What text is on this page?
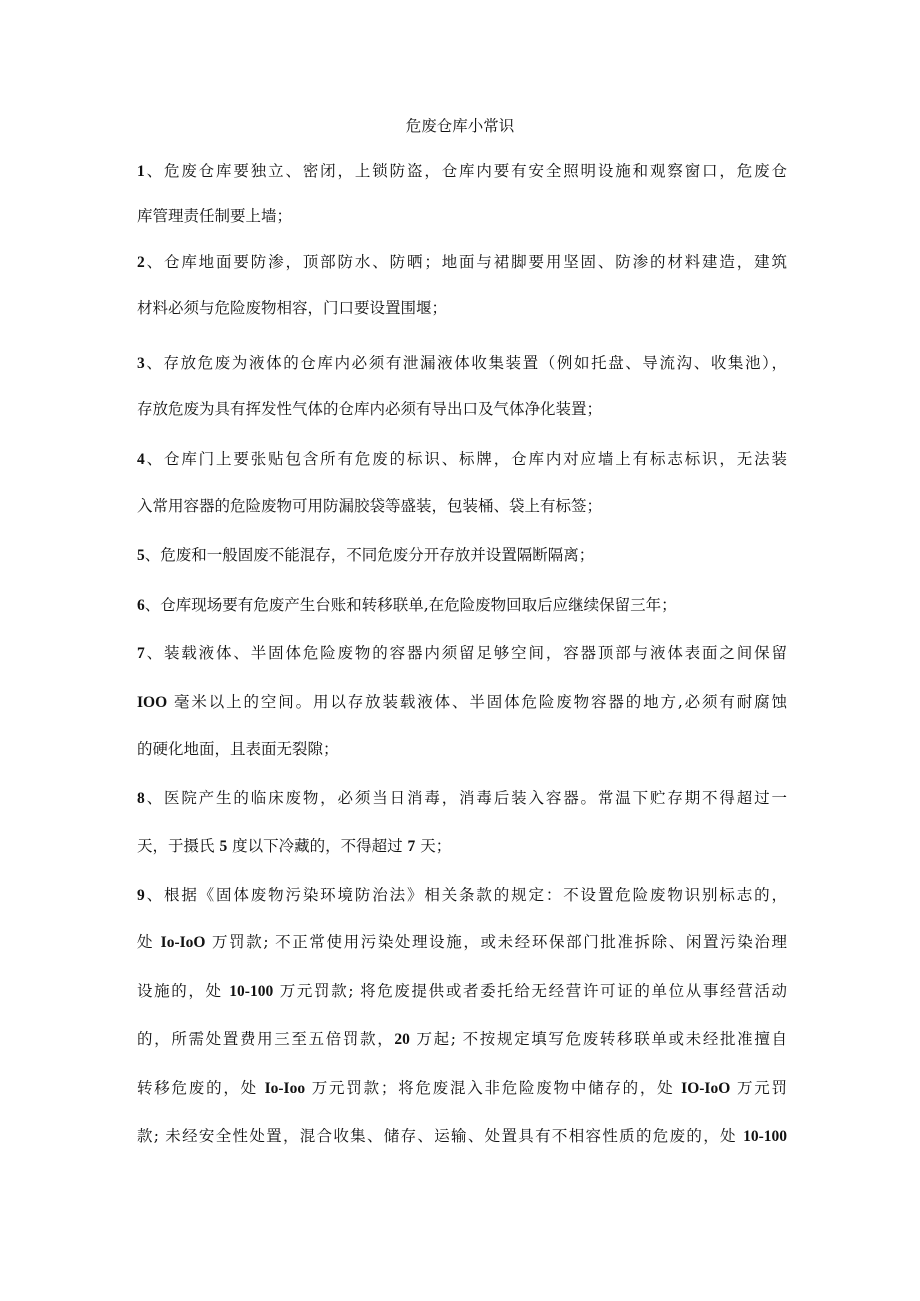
危废仓库小常识
1、危废仓库要独立、密闭，上锁防盗，仓库内要有安全照明设施和观察窗口，危废仓
库管理责任制要上墙；
2、仓库地面要防渗，顶部防水、防晒；地面与裙脚要用坚固、防渗的材料建造，建筑
材料必须与危险废物相容，门口要设置围堰；
3、存放危废为液体的仓库内必须有泄漏液体收集装置（例如托盘、导流沟、收集池），
存放危废为具有挥发性气体的仓库内必须有导出口及气体净化装置；
4、仓库门上要张贴包含所有危废的标识、标牌，仓库内对应墙上有标志标识，无法装
入常用容器的危险废物可用防漏胶袋等盛装，包装桶、袋上有标签；
5、危废和一般固废不能混存，不同危废分开存放并设置隔断隔离；
6、仓库现场要有危废产生台账和转移联单,在危险废物回取后应继续保留三年；
7、装载液体、半固体危险废物的容器内须留足够空间，容器顶部与液体表面之间保留
IOO 毫米以上的空间。用以存放装载液体、半固体危险废物容器的地方,必须有耐腐蚀
的硬化地面，且表面无裂隙；
8、医院产生的临床废物，必须当日消毒，消毒后装入容器。常温下贮存期不得超过一
天，于摄氏 5 度以下冷藏的，不得超过 7 天；
9、根据《固体废物污染环境防治法》相关条款的规定：不设置危险废物识别标志的，
处 Io-IoO 万罚款; 不正常使用污染处理设施，或未经环保部门批准拆除、闲置污染治理
设施的，处 10-100 万元罚款; 将危废提供或者委托给无经营许可证的单位从事经营活动
的，所需处置费用三至五倍罚款，20 万起; 不按规定填写危废转移联单或未经批准擅自
转移危废的，处 Io-Ioo 万元罚款；将危废混入非危险废物中储存的，处 IO-IoO 万元罚
款; 未经安全性处置，混合收集、储存、运输、处置具有不相容性质的危废的，处 10-100
